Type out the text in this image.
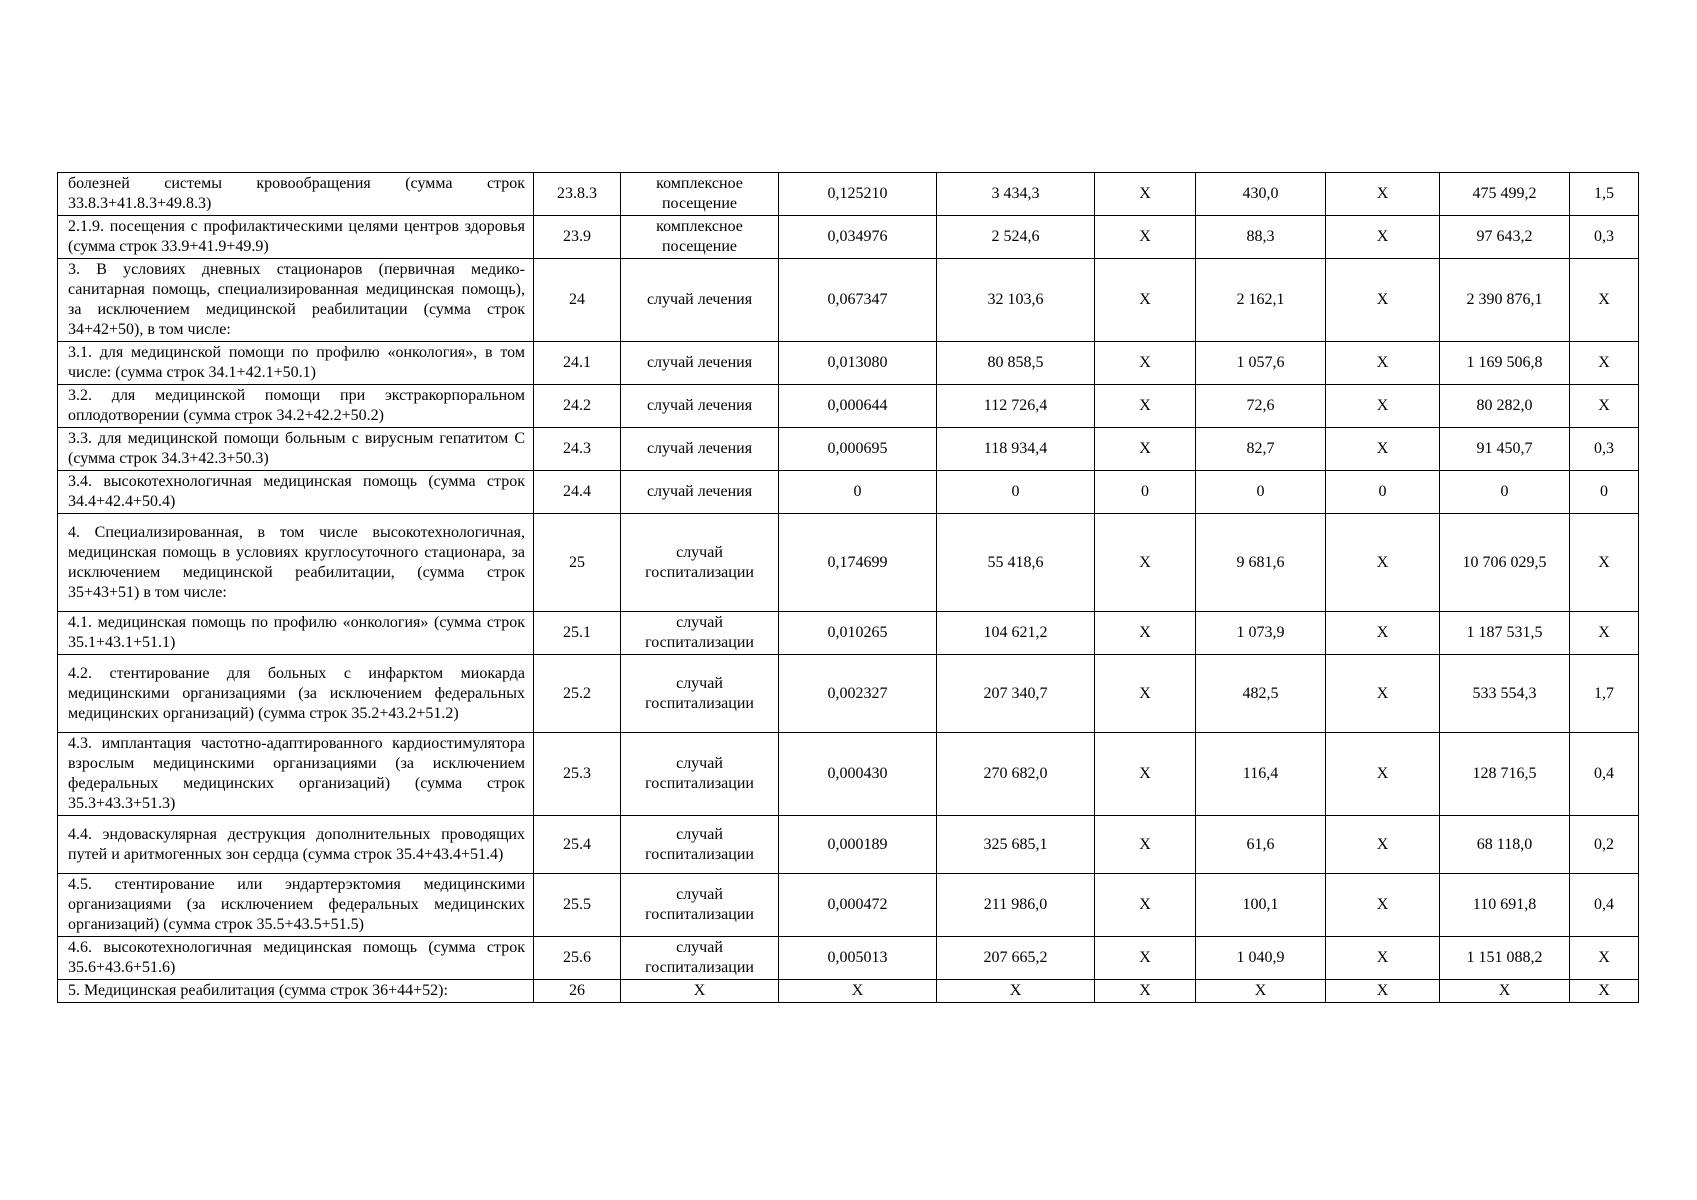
болезней системы кровообращения (сумма строк 33.8.3+41.8.3+49.8.3)	23.8.3	комплексное посещение	0,125210	3 434,3	Х	430,0	Х	475 499,2	1,5
2.1.9. посещения с профилактическими целями центров здоровья (сумма строк 33.9+41.9+49.9)	23.9	комплексное посещение	0,034976	2 524,6	Х	88,3	Х	97 643,2	0,3
3. В условиях дневных стационаров (первичная медико-санитарная помощь, специализированная медицинская помощь), за исключением медицинской реабилитации (сумма строк 34+42+50), в том числе:	24	случай лечения	0,067347	32 103,6	Х	2 162,1	Х	2 390 876,1	Х
3.1. для медицинской помощи по профилю «онкология», в том числе: (сумма строк 34.1+42.1+50.1)	24.1	случай лечения	0,013080	80 858,5	Х	1 057,6	Х	1 169 506,8	Х
3.2. для медицинской помощи при экстракорпоральном оплодотворении (сумма строк 34.2+42.2+50.2)	24.2	случай лечения	0,000644	112 726,4	Х	72,6	Х	80 282,0	Х
3.3. для медицинской помощи больным с вирусным гепатитом С (сумма строк 34.3+42.3+50.3)	24.3	случай лечения	0,000695	118 934,4	Х	82,7	Х	91 450,7	0,3
3.4. высокотехнологичная медицинская помощь (сумма строк 34.4+42.4+50.4)	24.4	случай лечения	0	0	0	0	0	0	0
4. Специализированная, в том числе высокотехнологичная, медицинская помощь в условиях круглосуточного стационара, за исключением медицинской реабилитации, (сумма строк 35+43+51) в том числе:	25	случай госпитализации	0,174699	55 418,6	Х	9 681,6	Х	10 706 029,5	Х
4.1. медицинская помощь по профилю «онкология» (сумма строк 35.1+43.1+51.1)	25.1	случай госпитализации	0,010265	104 621,2	Х	1 073,9	Х	1 187 531,5	Х
4.2. стентирование для больных с инфарктом миокарда медицинскими организациями (за исключением федеральных медицинских организаций) (сумма строк 35.2+43.2+51.2)	25.2	случай госпитализации	0,002327	207 340,7	Х	482,5	Х	533 554,3	1,7
4.3. имплантация частотно-адаптированного кардиостимулятора взрослым медицинскими организациями (за исключением федеральных медицинских организаций) (сумма строк 35.3+43.3+51.3)	25.3	случай госпитализации	0,000430	270 682,0	Х	116,4	Х	128 716,5	0,4
4.4. эндоваскулярная деструкция дополнительных проводящих путей и аритмогенных зон сердца (сумма строк 35.4+43.4+51.4)	25.4	случай госпитализации	0,000189	325 685,1	Х	61,6	Х	68 118,0	0,2
4.5. стентирование или эндартерэктомия медицинскими организациями (за исключением федеральных медицинских организаций) (сумма строк 35.5+43.5+51.5)	25.5	случай госпитализации	0,000472	211 986,0	Х	100,1	Х	110 691,8	0,4
4.6. высокотехнологичная медицинская помощь (сумма строк 35.6+43.6+51.6)	25.6	случай госпитализации	0,005013	207 665,2	Х	1 040,9	Х	1 151 088,2	Х
5. Медицинская реабилитация (сумма строк 36+44+52):	26	Х	Х	Х	Х	Х	Х	Х	Х
